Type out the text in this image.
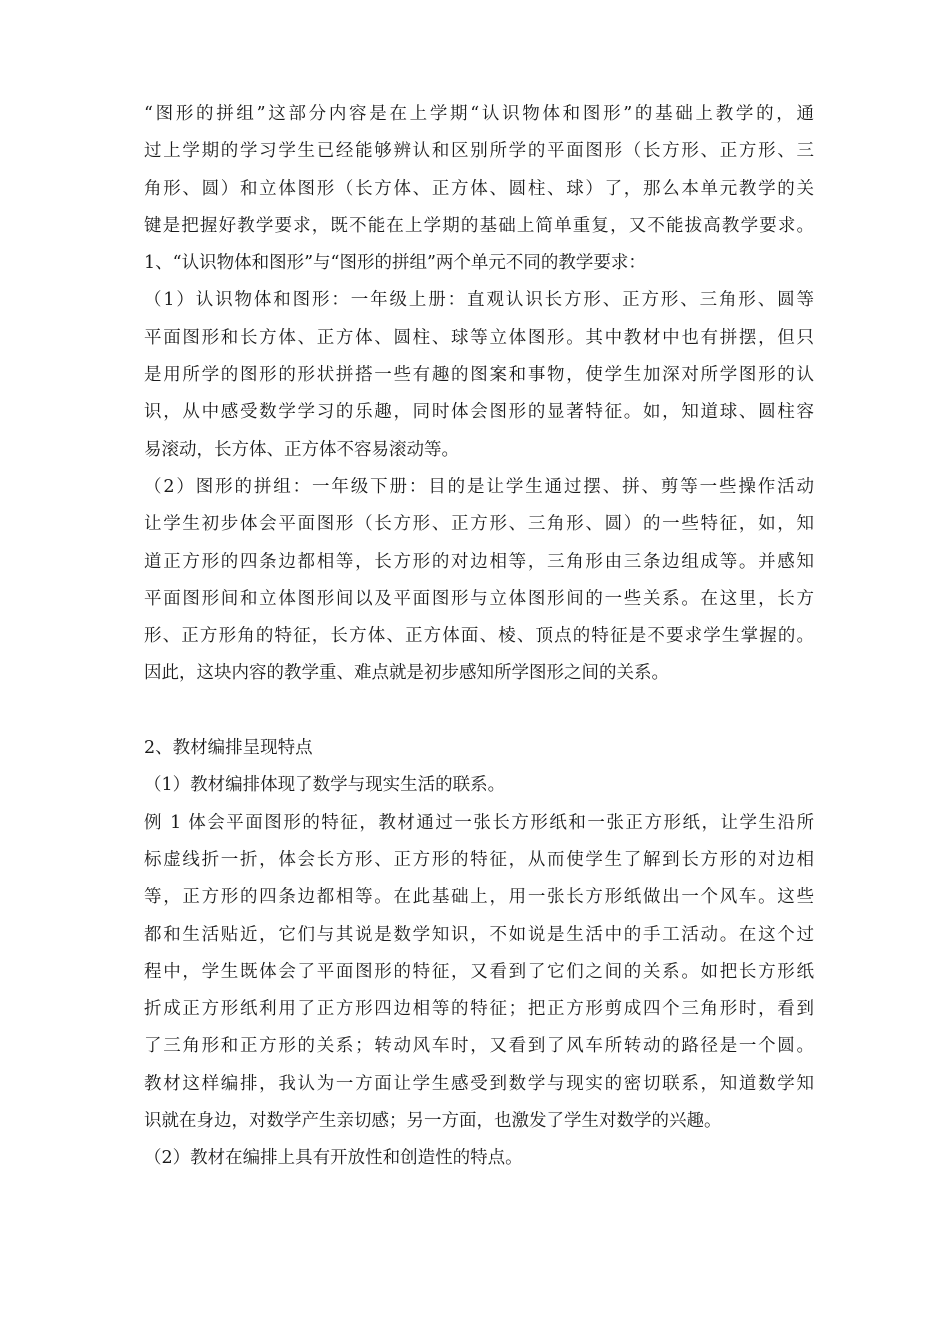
“图形的拼组”这部分内容是在上学期“认识物体和图形”的基础上教学的，通
过上学期的学习学生已经能够辨认和区别所学的平面图形（长方形、正方形、三
角形、圆）和立体图形（长方体、正方体、圆柱、球）了，那么本单元教学的关
键是把握好教学要求，既不能在上学期的基础上简单重复，又不能拔高教学要求。
1、“认识物体和图形”与“图形的拼组”两个单元不同的教学要求：
（1）认识物体和图形：一年级上册：直观认识长方形、正方形、三角形、圆等
平面图形和长方体、正方体、圆柱、球等立体图形。其中教材中也有拼摆，但只
是用所学的图形的形状拼搭一些有趣的图案和事物，使学生加深对所学图形的认
识，从中感受数学学习的乐趣，同时体会图形的显著特征。如，知道球、圆柱容
易滚动，长方体、正方体不容易滚动等。
（2）图形的拼组：一年级下册：目的是让学生通过摆、拼、剪等一些操作活动
让学生初步体会平面图形（长方形、正方形、三角形、圆）的一些特征，如，知
道正方形的四条边都相等，长方形的对边相等，三角形由三条边组成等。并感知
平面图形间和立体图形间以及平面图形与立体图形间的一些关系。在这里，长方
形、正方形角的特征，长方体、正方体面、棱、顶点的特征是不要求学生掌握的。
因此，这块内容的教学重、难点就是初步感知所学图形之间的关系。
2、教材编排呈现特点
（1）教材编排体现了数学与现实生活的联系。
例 1 体会平面图形的特征，教材通过一张长方形纸和一张正方形纸，让学生沿所
标虚线折一折，体会长方形、正方形的特征，从而使学生了解到长方形的对边相
等，正方形的四条边都相等。在此基础上，用一张长方形纸做出一个风车。这些
都和生活贴近，它们与其说是数学知识，不如说是生活中的手工活动。在这个过
程中，学生既体会了平面图形的特征，又看到了它们之间的关系。如把长方形纸
折成正方形纸利用了正方形四边相等的特征；把正方形剪成四个三角形时，看到
了三角形和正方形的关系；转动风车时，又看到了风车所转动的路径是一个圆。
教材这样编排，我认为一方面让学生感受到数学与现实的密切联系，知道数学知
识就在身边，对数学产生亲切感；另一方面，也激发了学生对数学的兴趣。
（2）教材在编排上具有开放性和创造性的特点。
